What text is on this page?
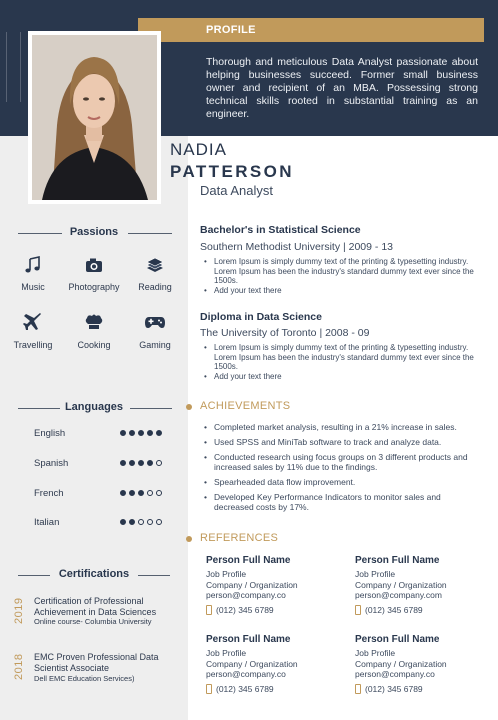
PROFILE

Thorough and meticulous Data Analyst passionate about helping businesses succeed. Former small business owner and recipient of an MBA. Possessing strong technical skills rooted in substantial training as an engineer.

NADIA
PATTERSON
Data Analyst
Passions
Music	Photography	Reading
Travelling	Cooking	Gaming
Languages
English
Spanish
French
Italian
Certifications
2019 Certification of Professional Achievement in Data Sciences
Online course- Columbia University
2018 EMC Proven Professional Data Scientist Associate
Dell EMC Education Services)
Bachelor's in Statistical Science
Southern Methodist University | 2009 - 13
• Lorem Ipsum is simply dummy text of the printing & typesetting industry. Lorem Ipsum has been the industry's standard dummy text ever since the 1500s.
• Add your text there
Diploma in Data Science
The University of Toronto | 2008 - 09
• Lorem Ipsum is simply dummy text of the printing & typesetting industry. Lorem Ipsum has been the industry's standard dummy text ever since the 1500s.
• Add your text there
ACHIEVEMENTS
• Completed market analysis, resulting in a 21% increase in sales.
• Used SPSS and MiniTab software to track and analyze data.
• Conducted research using focus groups on 3 different products and increased sales by 11% due to the findings.
• Spearheaded data flow improvement.
• Developed Key Performance Indicators to monitor sales and decreased costs by 17%.
REFERENCES
Person Full Name
Job Profile
Company / Organization
person@company.co
(012) 345 6789
Person Full Name
Job Profile
Company / Organization
person@company.com
(012) 345 6789
Person Full Name
Job Profile
Company / Organization
person@company.co
(012) 345 6789
Person Full Name
Job Profile
Company / Organization
person@company.co
(012) 345 6789
